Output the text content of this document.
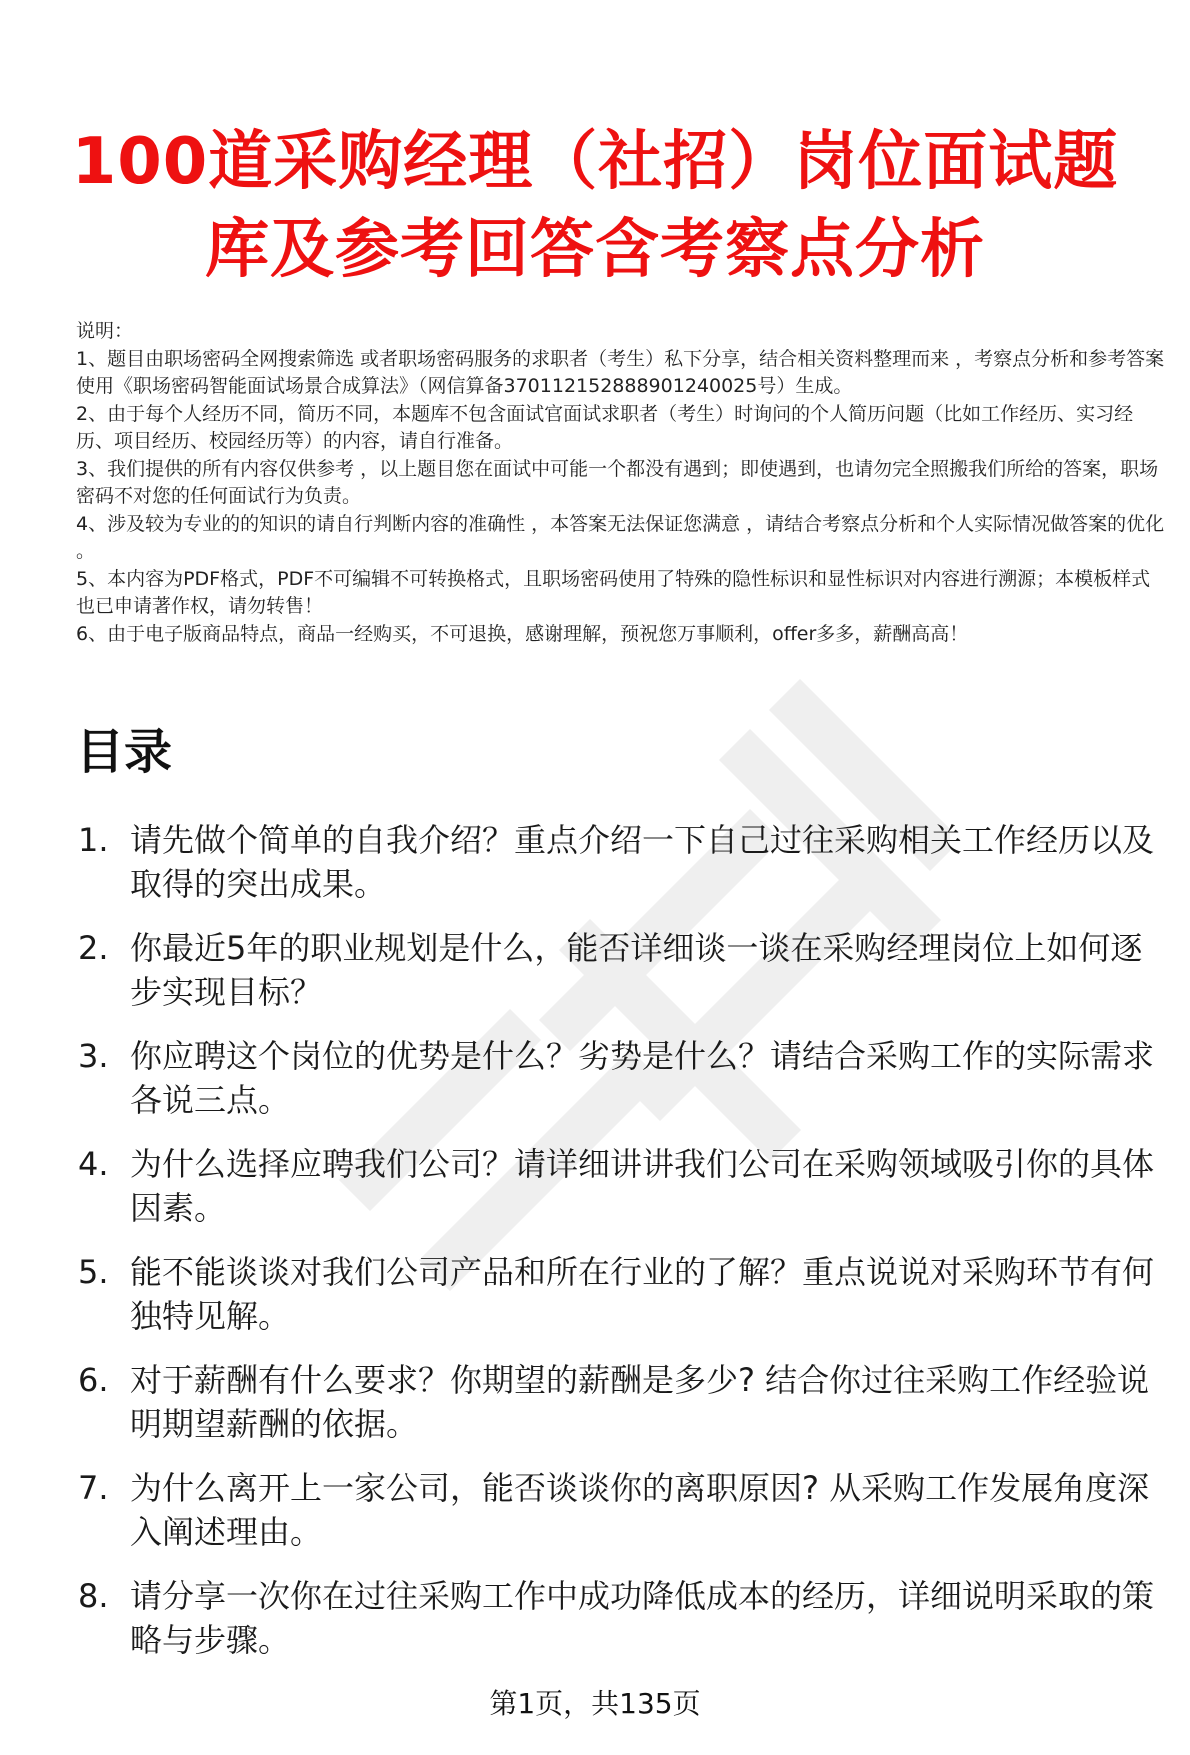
100道采购经理（社招）岗位面试题
库及参考回答含考察点分析

说明：

1、题目由职场密码全网搜索筛选 或者职场密码服务的求职者（考生）私下分享，结合相关资料整理而来 ，考察点分析和参考答案使用《职场密码智能面试场景合成算法》（网信算备370112152888901240025号）生成。

2、由于每个人经历不同，简历不同，本题库不包含面试官面试求职者（考生）时询问的个人简历问题（比如工作经历、实习经历、项目经历、校园经历等）的内容，请自行准备。

3、我们提供的所有内容仅供参考 ，以上题目您在面试中可能一个都没有遇到；即使遇到，也请勿完全照搬我们所给的答案，职场密码不对您的任何面试行为负责。

4、涉及较为专业的的知识的请自行判断内容的准确性 ，本答案无法保证您满意 ，请结合考察点分析和个人实际情况做答案的优化 。

5、本内容为PDF格式，PDF不可编辑不可转换格式，且职场密码使用了特殊的隐性标识和显性标识对内容进行溯源；本模板样式也已申请著作权，请勿转售！

6、由于电子版商品特点，商品一经购买，不可退换，感谢理解，预祝您万事顺利，offer多多，薪酬高高！

目录
1. 请先做个简单的自我介绍？重点介绍一下自己过往采购相关工作经历以及取得的突出成果。
2. 你最近5年的职业规划是什么，能否详细谈一谈在采购经理岗位上如何逐步实现目标？
3. 你应聘这个岗位的优势是什么？劣势是什么？请结合采购工作的实际需求各说三点。
4. 为什么选择应聘我们公司？请详细讲讲我们公司在采购领域吸引你的具体因素。
5. 能不能谈谈对我们公司产品和所在行业的了解？重点说说对采购环节有何独特见解。
6. 对于薪酬有什么要求？你期望的薪酬是多少? 结合你过往采购工作经验说明期望薪酬的依据。
7. 为什么离开上一家公司，能否谈谈你的离职原因? 从采购工作发展角度深入阐述理由。
8. 请分享一次你在过往采购工作中成功降低成本的经历，详细说明采取的策略与步骤。
第1页，共135页
